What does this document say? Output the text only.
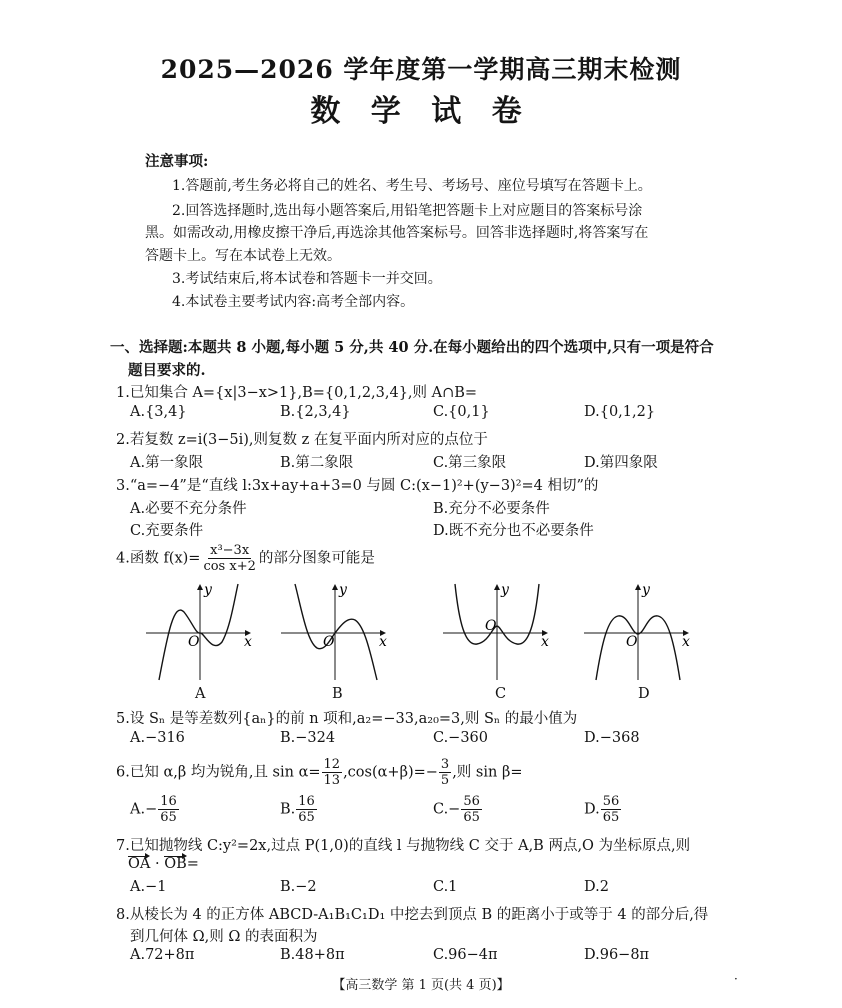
2025—2026 学年度第一学期高三期末检测
数 学 试 卷
注意事项:
1.答题前,考生务必将自己的姓名、考生号、考场号、座位号填写在答题卡上。
2.回答选择题时,选出每小题答案后,用铅笔把答题卡上对应题目的答案标号涂
黑。如需改动,用橡皮擦干净后,再选涂其他答案标号。回答非选择题时,将答案写在
答题卡上。写在本试卷上无效。
3.考试结束后,将本试卷和答题卡一并交回。
4.本试卷主要考试内容:高考全部内容。
一、选择题:本题共 8 小题,每小题 5 分,共 40 分.在每小题给出的四个选项中,只有一项是符合
题目要求的.
1.已知集合 A={x|3−x>1},B={0,1,2,3,4},则 A∩B=
A.{3,4}	B.{2,3,4}	C.{0,1}	D.{0,1,2}
2.若复数 z=i(3−5i),则复数 z 在复平面内所对应的点位于
A.第一象限	B.第二象限	C.第三象限	D.第四象限
3.“a=−4”是“直线 l:3x+ay+a+3=0 与圆 C:(x−1)²+(y−3)²=4 相切”的
A.必要不充分条件	B.充分不必要条件
C.充要条件	D.既不充分也不必要条件
4.函数 $f(x)= \frac{\text{x³−3x}}{\text{cos x+2}}$ 的部分图象可能是
x
y
O	x
y
O	x
y
O
x
y
O
A	B	C	D
5.设 Sₙ 是等差数列{aₙ}的前 n 项和,a₂=−33,a₂₀=3,则 Sₙ 的最小值为
A.−316	B.−324	C.−360	D.−368
6.已知 α,β 均为锐角,且 $\sin \alpha= \frac{12}{13} ,\cos(\alpha+\beta)=- \frac{3}{5}$ ,则 sin β=
$A.- \frac{16}{65}$	B. $\frac{16}{65}$	$C.- \frac{56}{65}$	D. $\frac{56}{65}$
7.已知抛物线 C:y²=2x,过点 P(1,0)的直线 l 与抛物线 C 交于 A,B 两点,O 为坐标原点,则
OA · OB=
A.−1	B.−2	C.1	D.2
8.从棱长为 4 的正方体 ABCD-A₁B₁C₁D₁ 中挖去到顶点 B 的距离小于或等于 4 的部分后,得
到几何体 Ω,则 Ω 的表面积为
A.72+8π	B.48+8π	C.96−4π	D.96−8π
【高三数学 第 1 页(共 4 页)】	·
